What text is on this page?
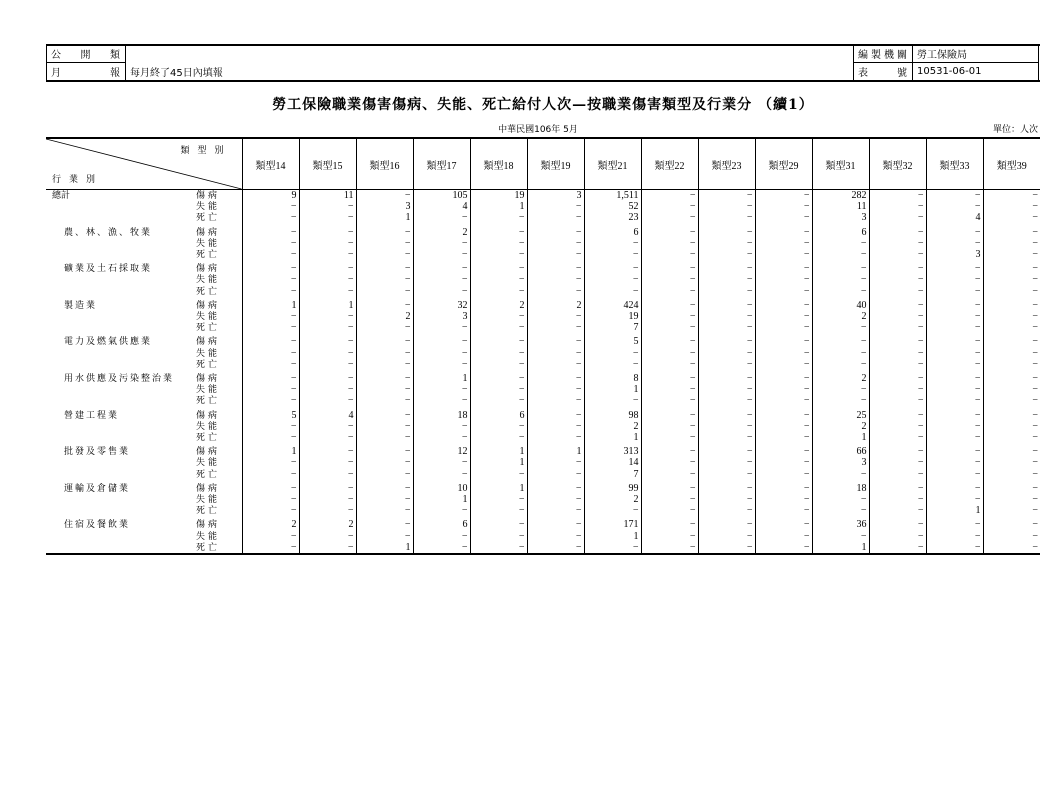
公開類	
月報	每月終了45日內填報
編製機關	勞工保險局
表號	10531-06-01
勞工保險職業傷害傷病、失能、死亡給付人次—按職業傷害類型及行業分 （續1）
中華民國106年 5月	單位：人次
類型別
行業別		類型14	類型15	類型16	類型17	類型18	類型19	類型21	類型22	類型23	類型29	類型31	類型32	類型33	類型39
總計	傷病	9	11	−	105	19	3	1,511	−	−	−	282	−	−	−
	失能	−	−	3	4	1	−	52	−	−	−	11	−	−	−
	死亡	−	−	1	−	−	−	23	−	−	−	3	−	4	−
農、林、漁、牧業	傷病	−	−	−	2	−	−	6	−	−	−	6	−	−	−
	失能	−	−	−	−	−	−	−	−	−	−	−	−	−	−
	死亡	−	−	−	−	−	−	−	−	−	−	−	−	3	−
礦業及土石採取業	傷病	−	−	−	−	−	−	−	−	−	−	−	−	−	−
	失能	−	−	−	−	−	−	−	−	−	−	−	−	−	−
	死亡	−	−	−	−	−	−	−	−	−	−	−	−	−	−
製造業	傷病	1	1	−	32	2	2	424	−	−	−	40	−	−	−
	失能	−	−	2	3	−	−	19	−	−	−	2	−	−	−
	死亡	−	−	−	−	−	−	7	−	−	−	−	−	−	−
電力及燃氣供應業	傷病	−	−	−	−	−	−	5	−	−	−	−	−	−	−
	失能	−	−	−	−	−	−	−	−	−	−	−	−	−	−
	死亡	−	−	−	−	−	−	−	−	−	−	−	−	−	−
用水供應及污染整治業	傷病	−	−	−	1	−	−	8	−	−	−	2	−	−	−
	失能	−	−	−	−	−	−	1	−	−	−	−	−	−	−
	死亡	−	−	−	−	−	−	−	−	−	−	−	−	−	−
營建工程業	傷病	5	4	−	18	6	−	98	−	−	−	25	−	−	−
	失能	−	−	−	−	−	−	2	−	−	−	2	−	−	−
	死亡	−	−	−	−	−	−	1	−	−	−	1	−	−	−
批發及零售業	傷病	1	−	−	12	1	1	313	−	−	−	66	−	−	−
	失能	−	−	−	−	1	−	14	−	−	−	3	−	−	−
	死亡	−	−	−	−	−	−	7	−	−	−	−	−	−	−
運輸及倉儲業	傷病	−	−	−	10	1	−	99	−	−	−	18	−	−	−
	失能	−	−	−	1	−	−	2	−	−	−	−	−	−	−
	死亡	−	−	−	−	−	−	−	−	−	−	−	−	1	−
住宿及餐飲業	傷病	2	2	−	6	−	−	171	−	−	−	36	−	−	−
	失能	−	−	−	−	−	−	1	−	−	−	−	−	−	−
	死亡	−	−	1	−	−	−	−	−	−	−	1	−	−	−
